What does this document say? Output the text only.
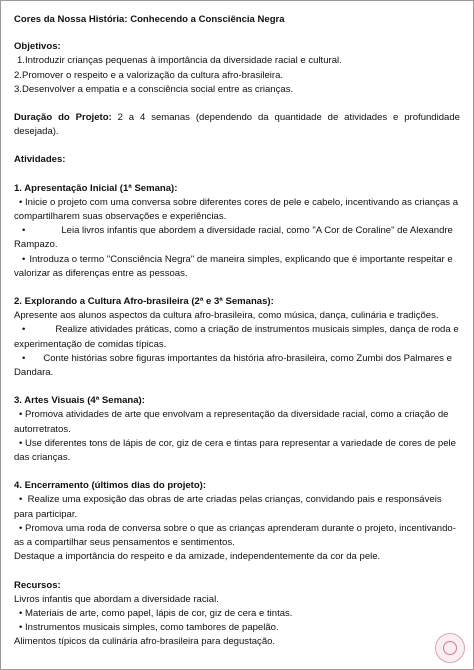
Cores da Nossa História: Conhecendo a Consciência Negra

Objetivos:

1.Introduzir crianças pequenas à importância da diversidade racial e cultural.

2.Promover o respeito e a valorização da cultura afro-brasileira.

3.Desenvolver a empatia e a consciência social entre as crianças.

Duração do Projeto: 2 a 4 semanas (dependendo da quantidade de atividades e profundidade desejada).

Atividades:

1. Apresentação Inicial (1ª Semana):

• Inicie o projeto com uma conversa sobre diferentes cores de pele e cabelo, incentivando as crianças a compartilharem suas observações e experiências.

•	Leia livros infantis que abordem a diversidade racial, como "A Cor de Coraline" de Alexandre Rampazo.

• Introduza o termo "Consciência Negra" de maneira simples, explicando que é importante respeitar e valorizar as diferenças entre as pessoas.

2. Explorando a Cultura Afro-brasileira (2ª e 3ª Semanas):

Apresente aos alunos aspectos da cultura afro-brasileira, como música, dança, culinária e tradições.

•	Realize atividades práticas, como a criação de instrumentos musicais simples, dança de roda e experimentação de comidas típicas.

• Conte histórias sobre figuras importantes da história afro-brasileira, como Zumbi dos Palmares e Dandara.

3. Artes Visuais (4ª Semana):

• Promova atividades de arte que envolvam a representação da diversidade racial, como a criação de autorretratos.

• Use diferentes tons de lápis de cor, giz de cera e tintas para representar a variedade de cores de pele das crianças.

4. Encerramento (últimos dias do projeto):

• Realize uma exposição das obras de arte criadas pelas crianças, convidando pais e responsáveis para participar.

• Promova uma roda de conversa sobre o que as crianças aprenderam durante o projeto, incentivando-as a compartilhar seus pensamentos e sentimentos.

Destaque a importância do respeito e da amizade, independentemente da cor da pele.

Recursos:

Livros infantis que abordam a diversidade racial.

• Materiais de arte, como papel, lápis de cor, giz de cera e tintas.

• Instrumentos musicais simples, como tambores de papelão.

Alimentos típicos da culinária afro-brasileira para degustação.
